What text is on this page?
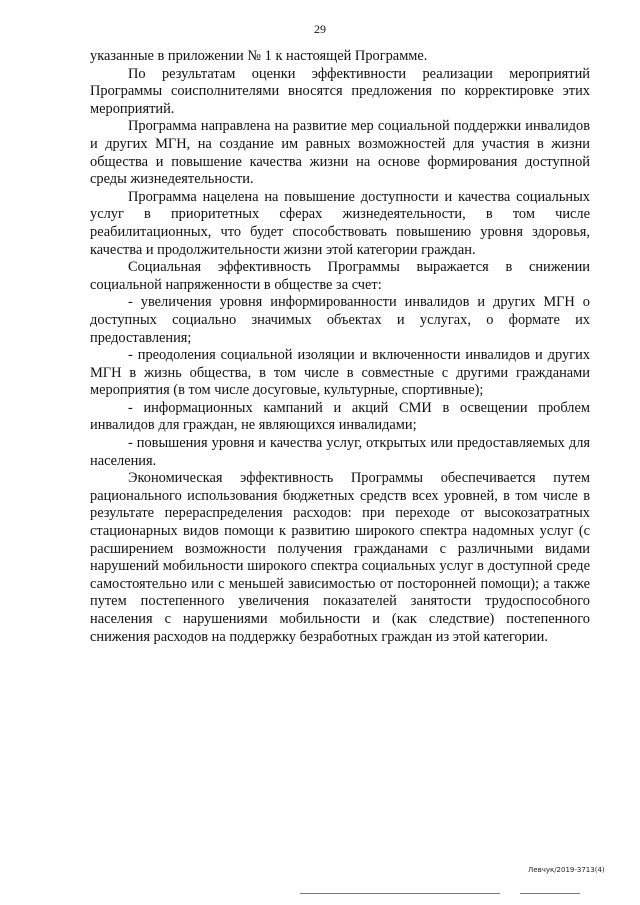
29

указанные в приложении № 1 к настоящей Программе.

По результатам оценки эффективности реализации мероприятий Программы соисполнителями вносятся предложения по корректировке этих мероприятий.

Программа направлена на развитие мер социальной поддержки инвалидов и других МГН, на создание им равных возможностей для участия в жизни общества и повышение качества жизни на основе формирования доступной среды жизнедеятельности.

Программа нацелена на повышение доступности и качества социальных услуг в приоритетных сферах жизнедеятельности, в том числе реабилитационных, что будет способствовать повышению уровня здоровья, качества и продолжительности жизни этой категории граждан.

Социальная эффективность Программы выражается в снижении социальной напряженности в обществе за счет:

- увеличения уровня информированности инвалидов и других МГН о доступных социально значимых объектах и услугах, о формате их предоставления;

- преодоления социальной изоляции и включенности инвалидов и других МГН в жизнь общества, в том числе в совместные с другими гражданами мероприятия (в том числе досуговые, культурные, спортивные);

- информационных кампаний и акций СМИ в освещении проблем инвалидов для граждан, не являющихся инвалидами;

- повышения уровня и качества услуг, открытых или предоставляемых для населения.

Экономическая эффективность Программы обеспечивается путем рационального использования бюджетных средств всех уровней, в том числе в результате перераспределения расходов: при переходе от высокозатратных стационарных видов помощи к развитию широкого спектра надомных услуг (с расширением возможности получения гражданами с различными видами нарушений мобильности широкого спектра социальных услуг в доступной среде самостоятельно или с меньшей зависимостью от посторонней помощи); а также путем постепенного увеличения показателей занятости трудоспособного населения с нарушениями мобильности и (как следствие) постепенного снижения расходов на поддержку безработных граждан из этой категории.

Левчук/2019-3713(4)
